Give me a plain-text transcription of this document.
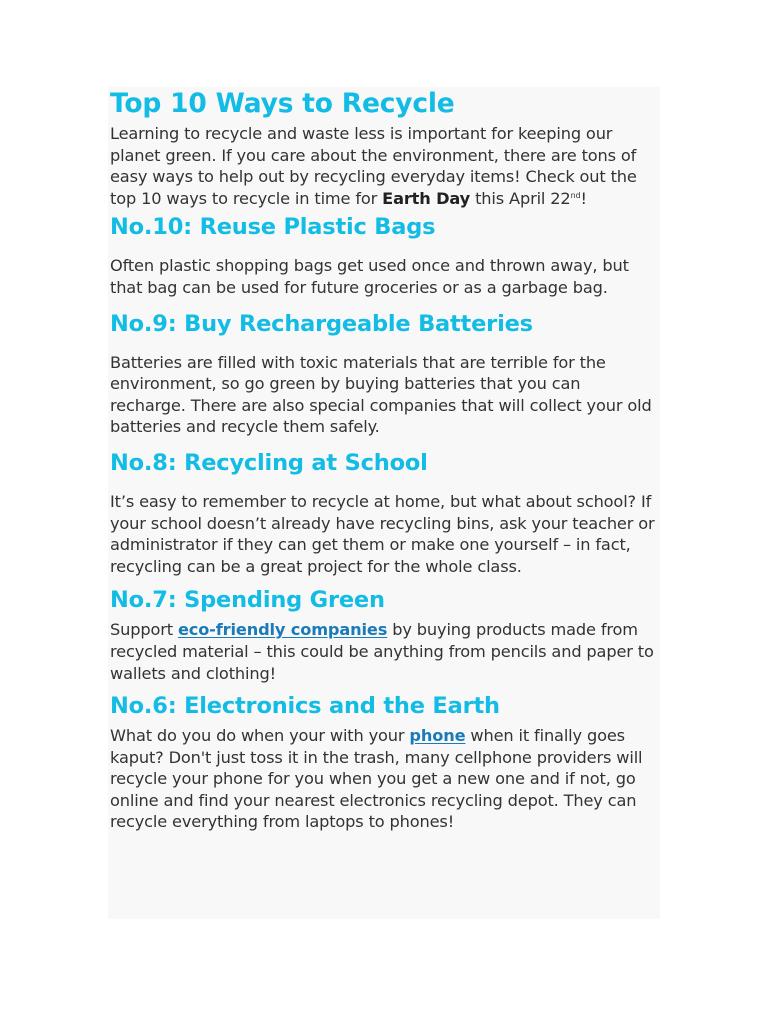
Top 10 Ways to Recycle

Learning to recycle and waste less is important for keeping our planet green. If you care about the environment, there are tons of easy ways to help out by recycling everyday items! Check out the top 10 ways to recycle in time for Earth Day this April 22nd!

No.10: Reuse Plastic Bags

Often plastic shopping bags get used once and thrown away, but that bag can be used for future groceries or as a garbage bag.

No.9: Buy Rechargeable Batteries

Batteries are filled with toxic materials that are terrible for the environment, so go green by buying batteries that you can recharge. There are also special companies that will collect your old batteries and recycle them safely.

No.8: Recycling at School

It’s easy to remember to recycle at home, but what about school? If your school doesn’t already have recycling bins, ask your teacher or administrator if they can get them or make one yourself – in fact, recycling can be a great project for the whole class.

No.7: Spending Green

Support eco-friendly companies by buying products made from recycled material – this could be anything from pencils and paper to wallets and clothing!

No.6: Electronics and the Earth

What do you do when your with your phone when it finally goes kaput? Don't just toss it in the trash, many cellphone providers will recycle your phone for you when you get a new one and if not, go online and find your nearest electronics recycling depot. They can recycle everything from laptops to phones!
